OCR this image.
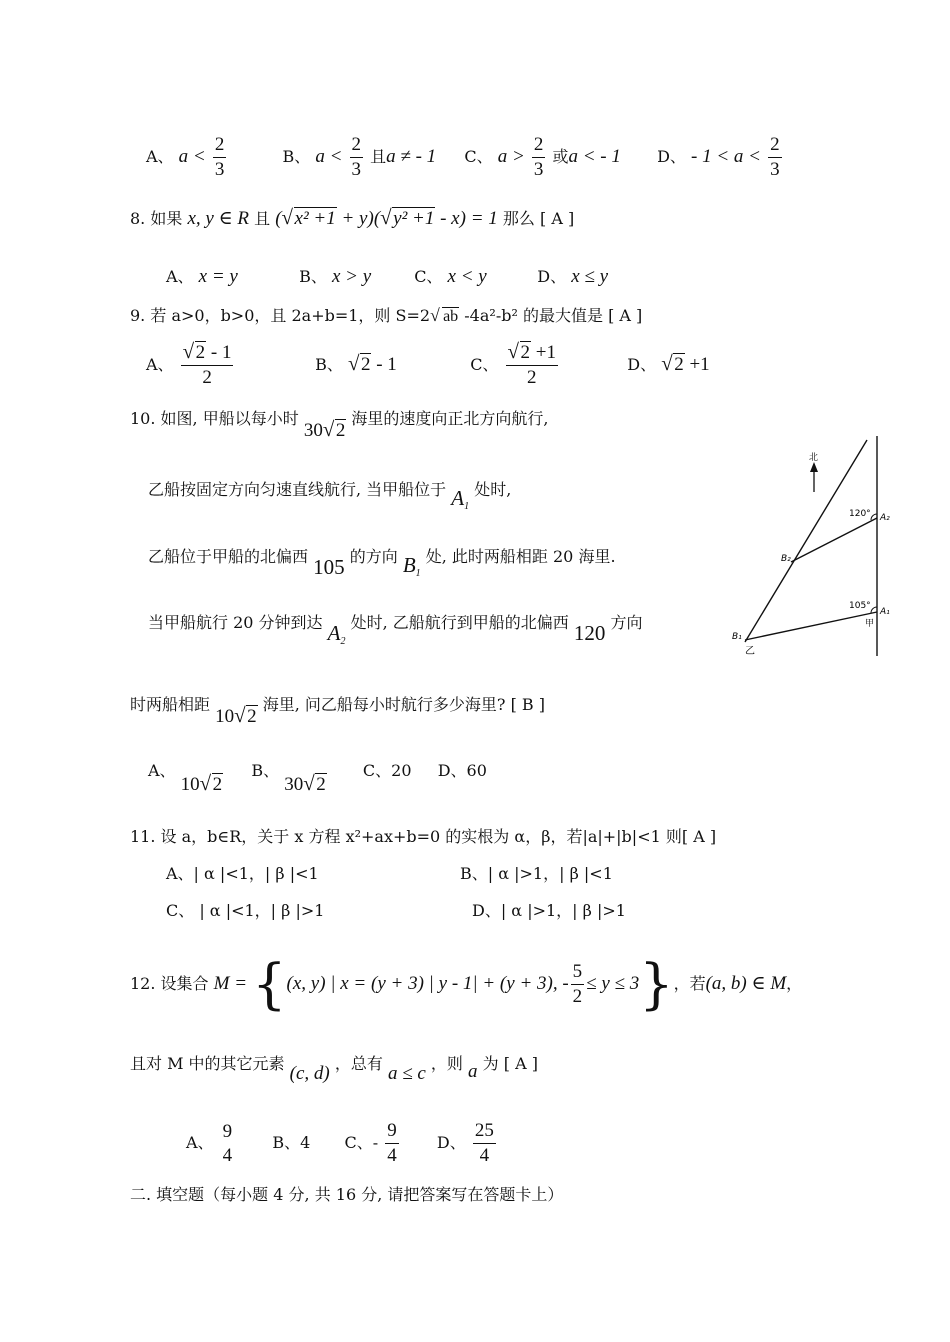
A、 $a < \frac{2}{3}$	B、 $a < \frac{2}{3}$ 且a ≠ - 1 C、 $a > \frac{2}{3}$ 或a < - 1 D、 - $1 < a < \frac{2}{3}$
8. 如果 x, y ∈ R 且 ( √ x² +1 + y)( √ y² +1 - x) = 1 那么 [ A ]
A、 x = y	B、 x > y	C、 x < y	D、 x ≤ y
9. 若 a>0，b>0，且 2a+b=1，则 S=2 √ ab -4a²-b² 的最大值是 [ A ]
A、 √ $\frac{2 - 1}{2}$	B、 √ 2 - 1	C、 √ $\frac{2 +1}{2}$	D、 √ 2 +1
10. 如图, 甲船以每小时 30 √ 2 海里的速度向正北方向航行,
乙船按固定方向匀速直线航行, 当甲船位于 $A_1$ 处时,
乙船位于甲船的北偏西 105 的方向 $B_1$ 处, 此时两船相距 20 海里.
当甲船航行 20 分钟到达 $A_2$ 处时, 乙船航行到甲船的北偏西 120 方向
时两船相距 10 √ 2 海里, 问乙船每小时航行多少海里? [ B ]
A、 10 √ 2  B、 30 √ 2  C、20 D、60
北
120°
105°
A₂
A₁
B₂
B₁
甲
乙
11. 设 a，b∈R，关于 x 方程 x²+ax+b=0 的实根为 α，β，若|a|+|b|<1 则[ A ]
A、| α |<1，| β |<1	B、| α |>1，| β |<1
C、 | α |<1，| β |>1	D、| α |>1，| β |>1
12. 设集合 M = {(x, y) | x = (y + 3) | y - 1| + (y + 3), - $\frac{5}{2} \le y \le 3$}，若(a, b) ∈ M，
且对 M 中的其它元素 (c, d) ，总有 a ≤ c ，则 a 为 [ A ]
A、
9
4
B、4 C、- $\frac{9}{4}$ D、 $\frac{25}{4}$
二. 填空题（每小题 4 分, 共 16 分, 请把答案写在答题卡上）
